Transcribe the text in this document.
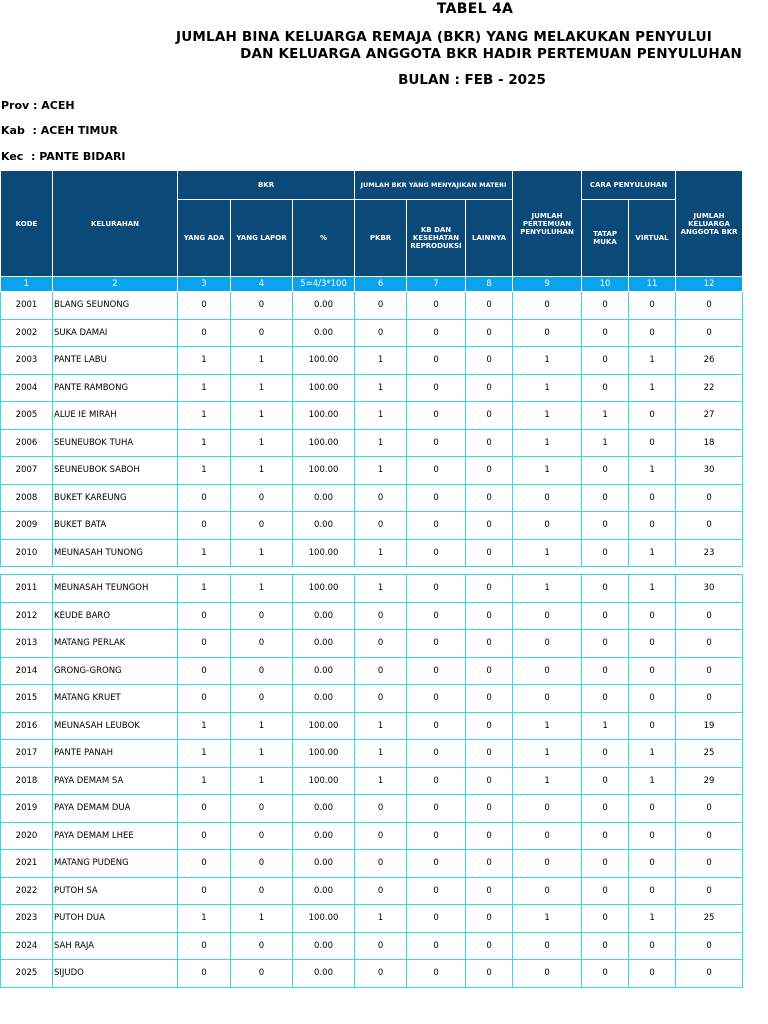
TABEL 4A
JUMLAH BINA KELUARGA REMAJA (BKR) YANG MELAKUKAN PENYULUI
DAN KELUARGA ANGGOTA BKR HADIR PERTEMUAN PENYULUHAN
BULAN : FEB - 2025
Prov : ACEH
Kab  : ACEH TIMUR
Kec  : PANTE BIDARI
KODE	KELURAHAN	BKR			JUMLAH BKR YANG MENYAJIKAN MATERI			JUMLAH PERTEMUAN PENYULUHAN	CARA PENYULUHAN		JUMLAH KELUARGA ANGGOTA BKR
		YANG ADA	YANG LAPOR	%	PKBR	KB DAN KESEHATAN REPRODUKSI	LAINNYA		TATAP MUKA	VIRTUAL	
1	2	3	4	5=4/3*100	6	7	8	9	10	11	12
2001	BLANG SEUNONG	0	0	0.00	0	0	0	0	0	0	0
2002	SUKA DAMAI	0	0	0.00	0	0	0	0	0	0	0
2003	PANTE LABU	1	1	100.00	1	0	0	1	0	1	26
2004	PANTE RAMBONG	1	1	100.00	1	0	0	1	0	1	22
2005	ALUE IE MIRAH	1	1	100.00	1	0	0	1	1	0	27
2006	SEUNEUBOK TUHA	1	1	100.00	1	0	0	1	1	0	18
2007	SEUNEUBOK SABOH	1	1	100.00	1	0	0	1	0	1	30
2008	BUKET KAREUNG	0	0	0.00	0	0	0	0	0	0	0
2009	BUKET BATA	0	0	0.00	0	0	0	0	0	0	0
2010	MEUNASAH TUNONG	1	1	100.00	1	0	0	1	0	1	23

2011	MEUNASAH TEUNGOH	1	1	100.00	1	0	0	1	0	1	30
2012	KEUDE BARO	0	0	0.00	0	0	0	0	0	0	0
2013	MATANG PERLAK	0	0	0.00	0	0	0	0	0	0	0
2014	GRONG-GRONG	0	0	0.00	0	0	0	0	0	0	0
2015	MATANG KRUET	0	0	0.00	0	0	0	0	0	0	0
2016	MEUNASAH LEUBOK	1	1	100.00	1	0	0	1	1	0	19
2017	PANTE PANAH	1	1	100.00	1	0	0	1	0	1	25
2018	PAYA DEMAM SA	1	1	100.00	1	0	0	1	0	1	29
2019	PAYA DEMAM DUA	0	0	0.00	0	0	0	0	0	0	0
2020	PAYA DEMAM LHEE	0	0	0.00	0	0	0	0	0	0	0
2021	MATANG PUDENG	0	0	0.00	0	0	0	0	0	0	0
2022	PUTOH SA	0	0	0.00	0	0	0	0	0	0	0
2023	PUTOH DUA	1	1	100.00	1	0	0	1	0	1	25
2024	SAH RAJA	0	0	0.00	0	0	0	0	0	0	0
2025	SIJUDO	0	0	0.00	0	0	0	0	0	0	0
